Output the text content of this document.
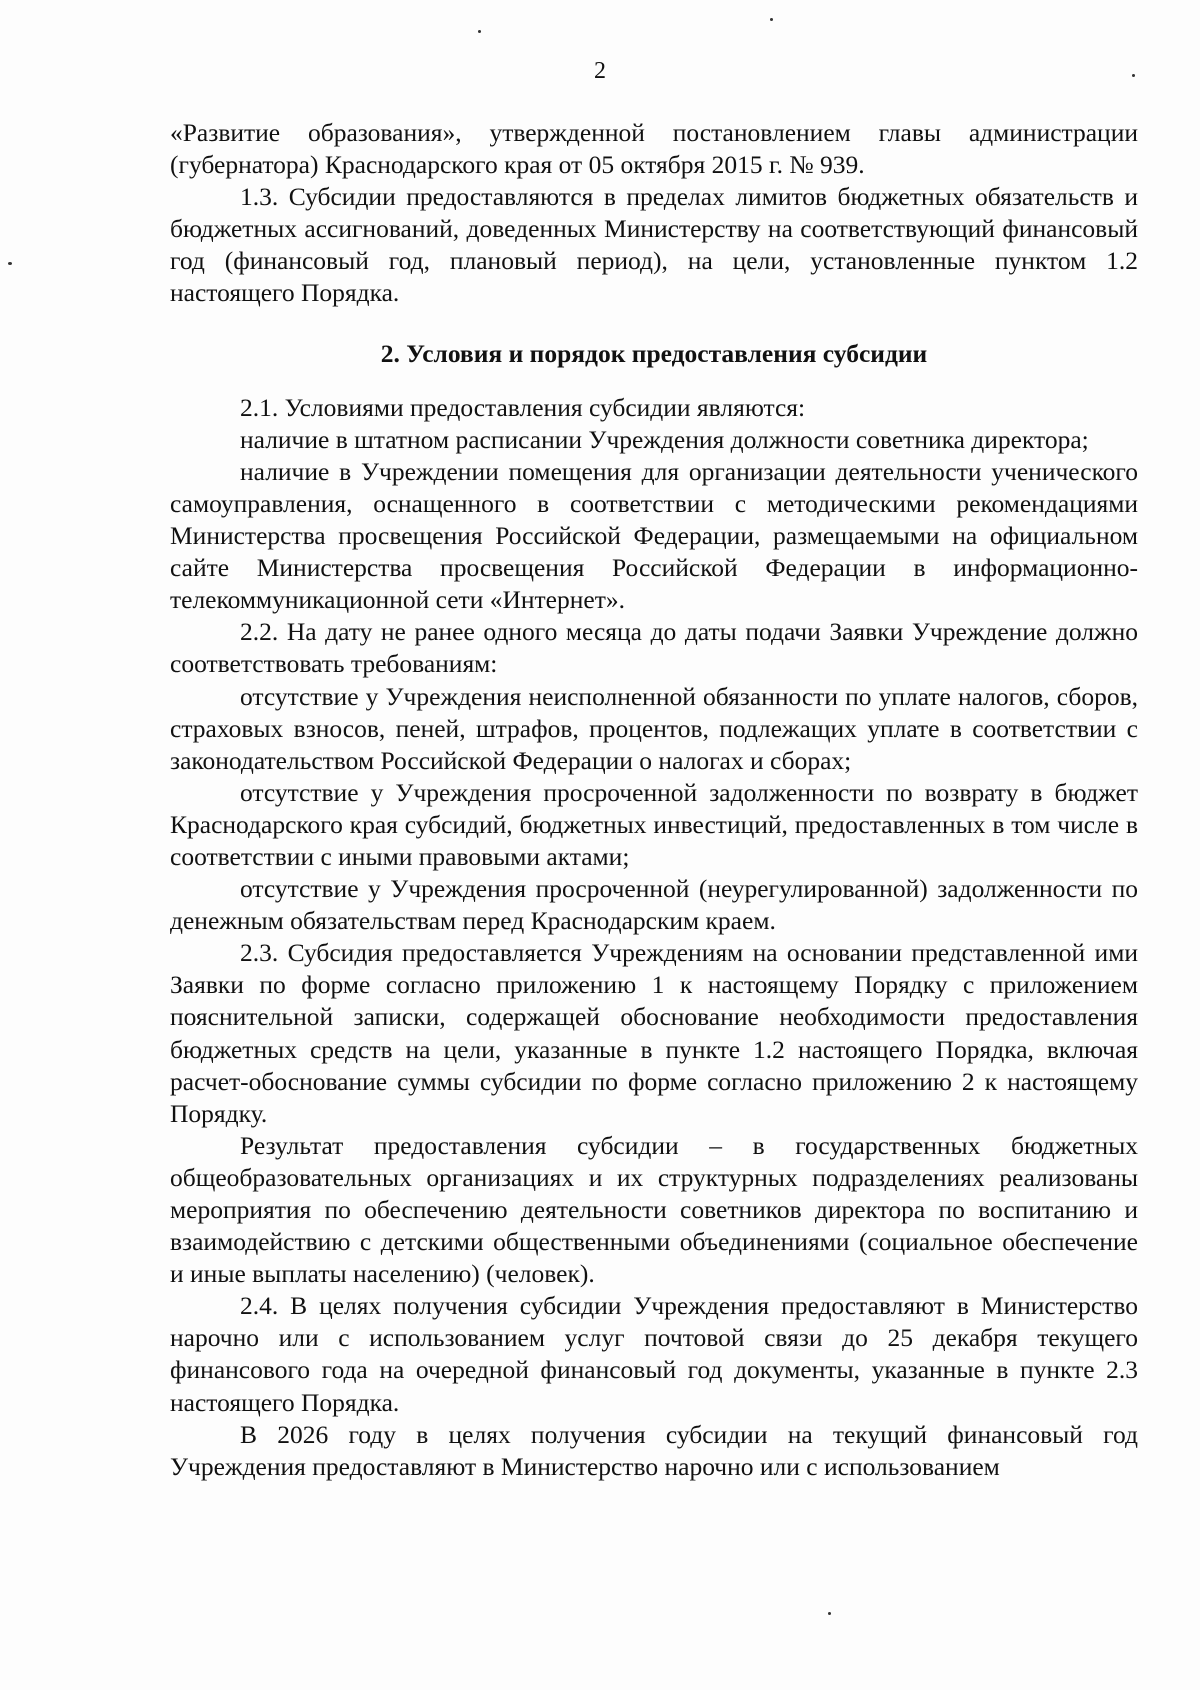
2

«Развитие образования», утвержденной постановлением главы администрации (губернатора) Краснодарского края от 05 октября 2015 г. № 939.

1.3. Субсидии предоставляются в пределах лимитов бюджетных обязательств и бюджетных ассигнований, доведенных Министерству на соответствующий финансовый год (финансовый год, плановый период), на цели, установленные пунктом 1.2 настоящего Порядка.

2. Условия и порядок предоставления субсидии

2.1. Условиями предоставления субсидии являются:

наличие в штатном расписании Учреждения должности советника директора;

наличие в Учреждении помещения для организации деятельности ученического самоуправления, оснащенного в соответствии с методическими рекомендациями Министерства просвещения Российской Федерации, размещаемыми на официальном сайте Министерства просвещения Российской Федерации в информационно-телекоммуникационной сети «Интернет».

2.2. На дату не ранее одного месяца до даты подачи Заявки Учреждение должно соответствовать требованиям:

отсутствие у Учреждения неисполненной обязанности по уплате налогов, сборов, страховых взносов, пеней, штрафов, процентов, подлежащих уплате в соответствии с законодательством Российской Федерации о налогах и сборах;

отсутствие у Учреждения просроченной задолженности по возврату в бюджет Краснодарского края субсидий, бюджетных инвестиций, предоставленных в том числе в соответствии с иными правовыми актами;

отсутствие у Учреждения просроченной (неурегулированной) задолженности по денежным обязательствам перед Краснодарским краем.

2.3. Субсидия предоставляется Учреждениям на основании представленной ими Заявки по форме согласно приложению 1 к настоящему Порядку с приложением пояснительной записки, содержащей обоснование необходимости предоставления бюджетных средств на цели, указанные в пункте 1.2 настоящего Порядка, включая расчет-обоснование суммы субсидии по форме согласно приложению 2 к настоящему Порядку.

Результат предоставления субсидии – в государственных бюджетных общеобразовательных организациях и их структурных подразделениях реализованы мероприятия по обеспечению деятельности советников директора по воспитанию и взаимодействию с детскими общественными объединениями (социальное обеспечение и иные выплаты населению) (человек).

2.4. В целях получения субсидии Учреждения предоставляют в Министерство нарочно или с использованием услуг почтовой связи до 25 декабря текущего финансового года на очередной финансовый год документы, указанные в пункте 2.3 настоящего Порядка.

В 2026 году в целях получения субсидии на текущий финансовый год Учреждения предоставляют в Министерство нарочно или с использованием
